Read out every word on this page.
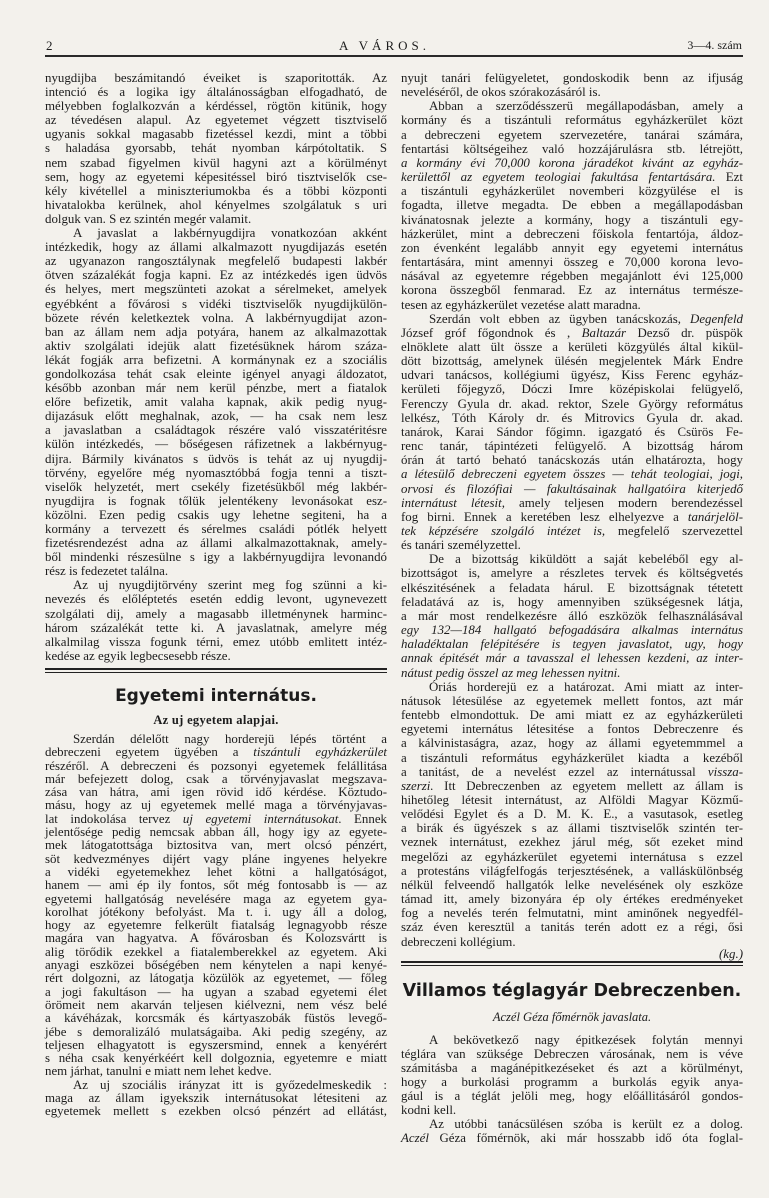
2	A VÁROS.	3—4. szám
nyugdijba beszámitandó éveiket is szaporitották. Az
intenció és a logika igy általánosságban elfogadható, de
mélyebben foglalkozván a kérdéssel, rögtön kitünik, hogy
az tévedésen alapul. Az egyetemet végzett tisztviselő
ugyanis sokkal magasabb fizetéssel kezdi, mint a többi
s haladása gyorsabb, tehát nyomban kárpótoltatik. S
nem szabad figyelmen kivül hagyni azt a körülményt
sem, hogy az egyetemi képesitéssel biró tisztviselők cse-
kély kivétellel a miniszteriumokba és a többi központi
hivatalokba kerülnek, ahol kényelmes szolgálatuk s uri
dolguk van. S ez szintén megér valamit.
A javaslat a lakbérnyugdijra vonatkozóan akként
intézkedik, hogy az állami alkalmazott nyugdijazás esetén
az ugyanazon rangosztálynak megfelelő budapesti lakbér
ötven százalékát fogja kapni. Ez az intézkedés igen üdvös
és helyes, mert megszünteti azokat a sérelmeket, amelyek
egyébként a fővárosi s vidéki tisztviselők nyugdijkülön-
bözete révén keletkeztek volna. A lakbérnyugdijat azon-
ban az állam nem adja potyára, hanem az alkalmazottak
aktiv szolgálati idejük alatt fizetésüknek három száza-
lékát fogják arra befizetni. A kormánynak ez a szociális
gondolkozása tehát csak eleinte igényel anyagi áldozatot,
később azonban már nem kerül pénzbe, mert a fiatalok
előre befizetik, amit valaha kapnak, akik pedig nyug-
dijazásuk előtt meghalnak, azok, — ha csak nem lesz
a javaslatban a családtagok részére való visszatéritésre
külön intézkedés, — bőségesen ráfizetnek a lakbérnyug-
dijra. Bármily kivánatos s üdvös is tehát az uj nyugdij-
törvény, egyelőre még nyomasztóbbá fogja tenni a tiszt-
viselők helyzetét, mert csekély fizetésükből még lakbér-
nyugdijra is fognak tőlük jelentékeny levonásokat esz-
közölni. Ezen pedig csakis ugy lehetne segiteni, ha a
kormány a tervezett és sérelmes családi pótlék helyett
fizetésrendezést adna az állami alkalmazottaknak, amely-
ből mindenki részesülne s igy a lakbérnyugdijra levonandó
rész is fedezetet találna.
Az uj nyugdijtörvény szerint meg fog szünni a ki-
nevezés és előléptetés esetén eddig levont, ugynevezett
szolgálati dij, amely a magasabb illetménynek harminc-
három százalékát tette ki. A javaslatnak, amelyre még
alkalmilag vissza fogunk térni, emez utóbb emlitett intéz-
kedése az egyik legbecsesebb része.
Egyetemi internátus.
Az uj egyetem alapjai.
Szerdán délelőtt nagy horderejü lépés történt a
debreczeni egyetem ügyében a tiszántuli egyházkerület
részéről. A debreczeni és pozsonyi egyetemek felállitása
már befejezett dolog, csak a törvényjavaslat megszava-
zása van hátra, ami igen rövid idő kérdése. Köztudo-
másu, hogy az uj egyetemek mellé maga a törvényjavas-
lat indokolása tervez uj egyetemi internátusokat. Ennek
jelentősége pedig nemcsak abban áll, hogy igy az egyete-
mek látogatottsága biztositva van, mert olcsó pénzért,
söt kedvezményes dijért vagy pláne ingyenes helyekre
a vidéki egyetemekhez lehet kötni a hallgatóságot,
hanem — ami ép ily fontos, sőt még fontosabb is — az
egyetemi hallgatóság nevelésére maga az egyetem gya-
korolhat jótékony befolyást. Ma t. i. ugy áll a dolog,
hogy az egyetemre felkerült fiatalság legnagyobb része
magára van hagyatva. A fővárosban és Kolozsvártt is
alig törődik ezekkel a fiatalemberekkel az egyetem. Aki
anyagi eszközei bőségében nem kénytelen a napi kenyé-
rért dolgozni, az látogatja közülök az egyetemet, — főleg
a jogi fakultáson — ha ugyan a szabad egyetemi élet
örömeit nem akarván teljesen kiélvezni, nem vész belé
a kávéházak, korcsmák és kártyaszobák füstös levegő-
jébe s demoralizáló mulatságaiba. Aki pedig szegény, az
teljesen elhagyatott is egyszersmind, ennek a kenyérért
s néha csak kenyérkéért kell dolgoznia, egyetemre e miatt
nem járhat, tanulni e miatt nem lehet kedve.
Az uj szociális irányzat itt is győzedelmeskedik :
maga az állam igyekszik internátusokat létesiteni az
egyetemek mellett s ezekben olcsó pénzért ad ellátást,
nyujt tanári felügyeletet, gondoskodik benn az ifjuság
neveléséről, de okos szórakozásáról is.
Abban a szerződésszerü megállapodásban, amely a
kormány és a tiszántuli református egyházkerület közt
a debreczeni egyetem szervezetére, tanárai számára,
fentartási költségeihez való hozzájárulásra stb. létrejött,
a kormány évi 70,000 korona járadékot kivánt az egyház-
kerülettől az egyetem teologiai fakultása fentartására. Ezt
a tiszántuli egyházkerület novemberi közgyülése el is
fogadta, illetve megadta. De ebben a megállapodásban
kivánatosnak jelezte a kormány, hogy a tiszántuli egy-
házkerület, mint a debreczeni főiskola fentartója, áldoz-
zon évenként legalább annyit egy egyetemi internátus
fentartására, mint amennyi összeg e 70,000 korona levo-
násával az egyetemre régebben megajánlott évi 125,000
korona összegből fenmarad. Ez az internátus természe-
tesen az egyházkerület vezetése alatt maradna.
Szerdán volt ebben az ügyben tanácskozás, Degenfeld
József gróf főgondnok és , Baltazár Dezső dr. püspök
elnöklete alatt ült össze a kerületi közgyülés által kikül-
dött bizottság, amelynek ülésén megjelentek Márk Endre
udvari tanácsos, kollégiumi ügyész, Kiss Ferenc egyház-
kerületi főjegyző, Dóczi Imre középiskolai felügyelő,
Ferenczy Gyula dr. akad. rektor, Szele György református
lelkész, Tóth Károly dr. és Mitrovics Gyula dr. akad.
tanárok, Karai Sándor főgimn. igazgató és Csürös Fe-
renc tanár, tápintézeti felügyelő. A bizottság három
órán át tartó beható tanácskozás után elhatározta, hogy
a létesülő debreczeni egyetem összes — tehát teologiai, jogi,
orvosi és filozófiai — fakultásainak hallgatóira kiterjedő
internátust létesit, amely teljesen modern berendezéssel
fog birni. Ennek a keretében lesz elhelyezve a tanárjelöl-
tek képzésére szolgáló intézet is, megfelelő szervezettel
és tanári személyzettel.
De a bizottság kiküldött a saját kebeléből egy al-
bizottságot is, amelyre a részletes tervek és költségvetés
elkészitésének a feladata hárul. E bizottságnak tétetett
feladatává az is, hogy amennyiben szükségesnek látja,
a már most rendelkezésre álló eszközök felhasználásával
egy 132—184 hallgató befogadására alkalmas internátus
haladéktalan felépitésére is tegyen javaslatot, ugy, hogy
annak épitését már a tavasszal el lehessen kezdeni, az inter-
nátust pedig összel az meg lehessen nyitni.
Óriás horderejü ez a határozat. Ami miatt az inter-
nátusok létesülése az egyetemek mellett fontos, azt már
fentebb elmondottuk. De ami miatt ez az egyházkerületi
egyetemi internátus létesitése a fontos Debreczenre és
a kálvinistaságra, azaz, hogy az állami egyetemmmel a
a tiszántuli református egyházkerület kiadta a kezéből
a tanitást, de a nevelést ezzel az internátussal vissza-
szerzi. Itt Debreczenben az egyetem mellett az állam is
hihetőleg létesit internátust, az Alföldi Magyar Közmű-
velődési Egylet és a D. M. K. E., a vasutasok, esetleg
a birák és ügyészek s az állami tisztviselők szintén ter-
veznek internátust, ezekhez járul még, sőt ezeket mind
megelőzi az egyházkerület egyetemi internátusa s ezzel
a protestáns világfelfogás terjesztésének, a valláskülönbség
nélkül felveendő hallgatók lelke nevelésének oly eszköze
támad itt, amely bizonyára ép oly értékes eredményeket
fog a nevelés terén felmutatni, mint aminőnek negyedfél-
száz éven keresztül a tanitás terén adott ez a régi, ősi
debreczeni kollégium.
(kg.)
Villamos téglagyár Debreczenben.
Aczél Géza főmérnök javaslata.
A bekövetkező nagy épitkezések folytán mennyi
téglára van szüksége Debreczen városának, nem is véve
számitásba a magánépitkezéseket és azt a körülményt,
hogy a burkolási programm a burkolás egyik anya-
gául is a téglát jelöli meg, hogy előállitásáról gondos-
kodni kell.
Az utóbbi tanácsülésen szóba is került ez a dolog.
Aczél Géza főmérnök, aki már hosszabb idő óta foglal-
